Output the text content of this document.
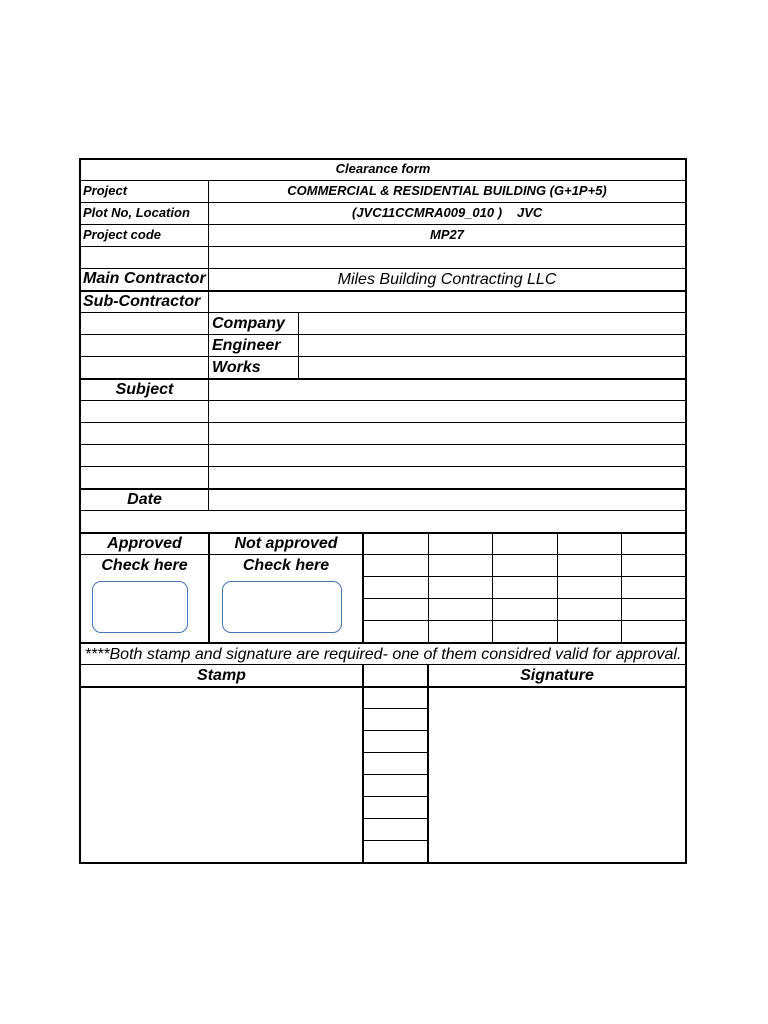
Clearance form
Project	COMMERCIAL & RESIDENTIAL BUILDING (G+1P+5)
Plot No, Location	(JVC11CCMRA009_010 ) JVC
Project code	MP27
Main Contractor	Miles Building Contracting LLC
Sub-Contractor
Company
Engineer
Works
Subject
Date
Approved	Not approved
Check here	Check here
****Both stamp and signature are required- one of them considred valid for approval.
Stamp	Signature
